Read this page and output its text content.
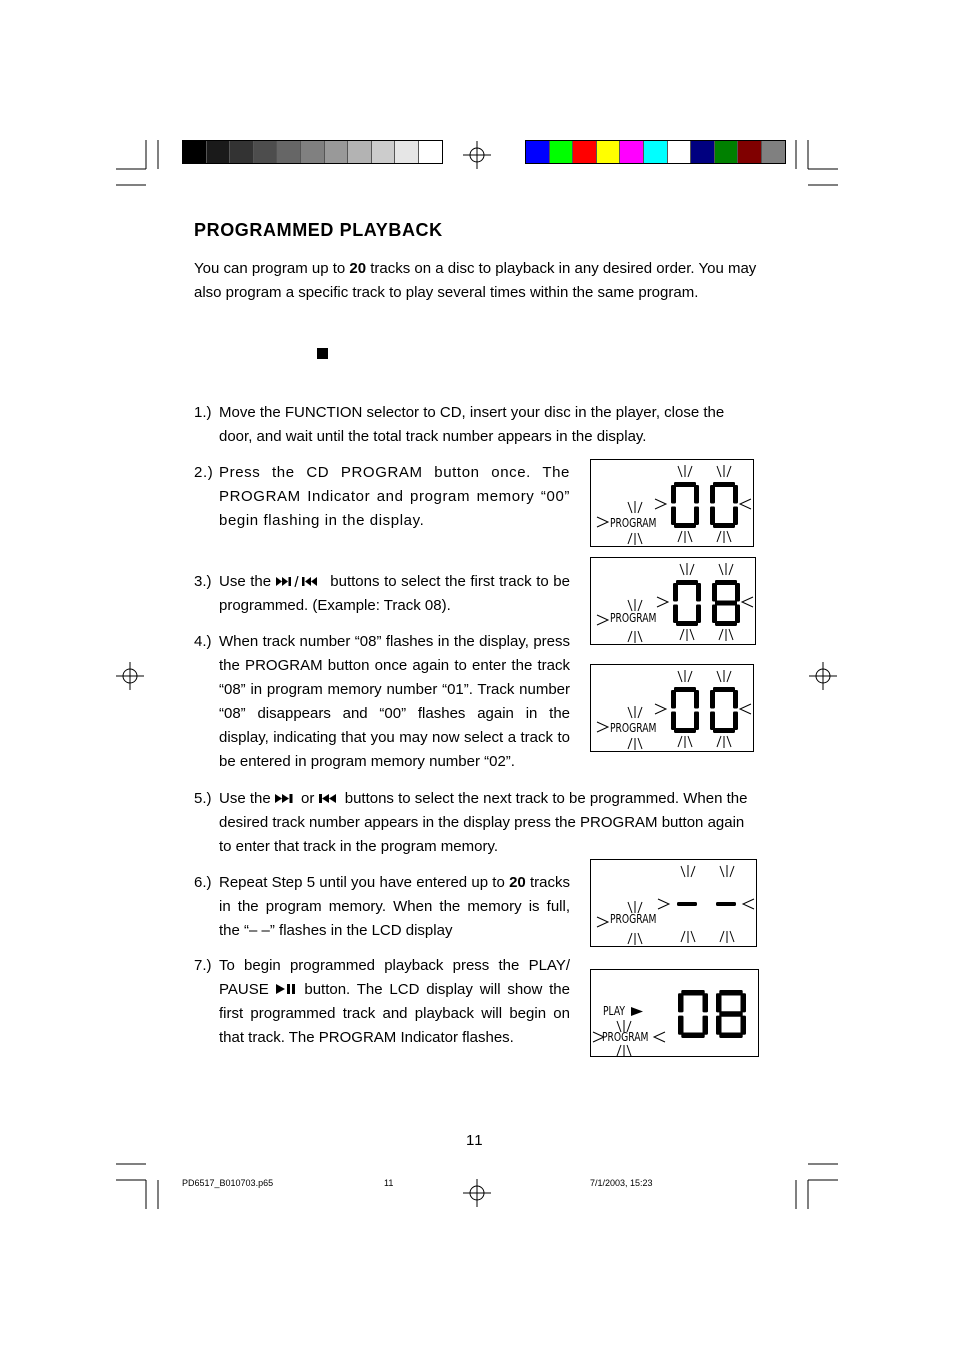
PROGRAMMED PLAYBACK
You can program up to 20 tracks on a disc to playback in any desired order. You may also program a specific track to play several times within the same program.
1.) Move the FUNCTION selector to CD, insert your disc in the player, close the door, and wait until the total track number appears in the display.
2.) Press the CD PROGRAM button once. The PROGRAM Indicator and program memory “00” begin flashing in the display.
3.) Use the	buttons to select the first track to be programmed. (Example: Track 08).
4.) When track number “08” flashes in the display, press the PROGRAM button once again to enter the track “08” in program memory number “01”. Track number “08” disappears and “00” flashes again in the display, indicating that you may now select a track to be entered in program memory number “02”.
5.) Use the  or  buttons to select the next track to be programmed. When the desired track number appears in the display press the PROGRAM button again to enter that track in the program memory.
6.) Repeat Step 5 until you have entered up to 20 tracks in the program memory. When the memory is full, the “– –” flashes in the LCD display
7.) To begin programmed playback press the PLAY/ PAUSE  button. The LCD display will show the first programmed track and playback will begin on that track. The PROGRAM Indicator flashes.
PROGRAM
PROGRAM
PROGRAM
PROGRAM
PLAY
PROGRAM
11
PD6517_B010703.p65	11	7/1/2003, 15:23
